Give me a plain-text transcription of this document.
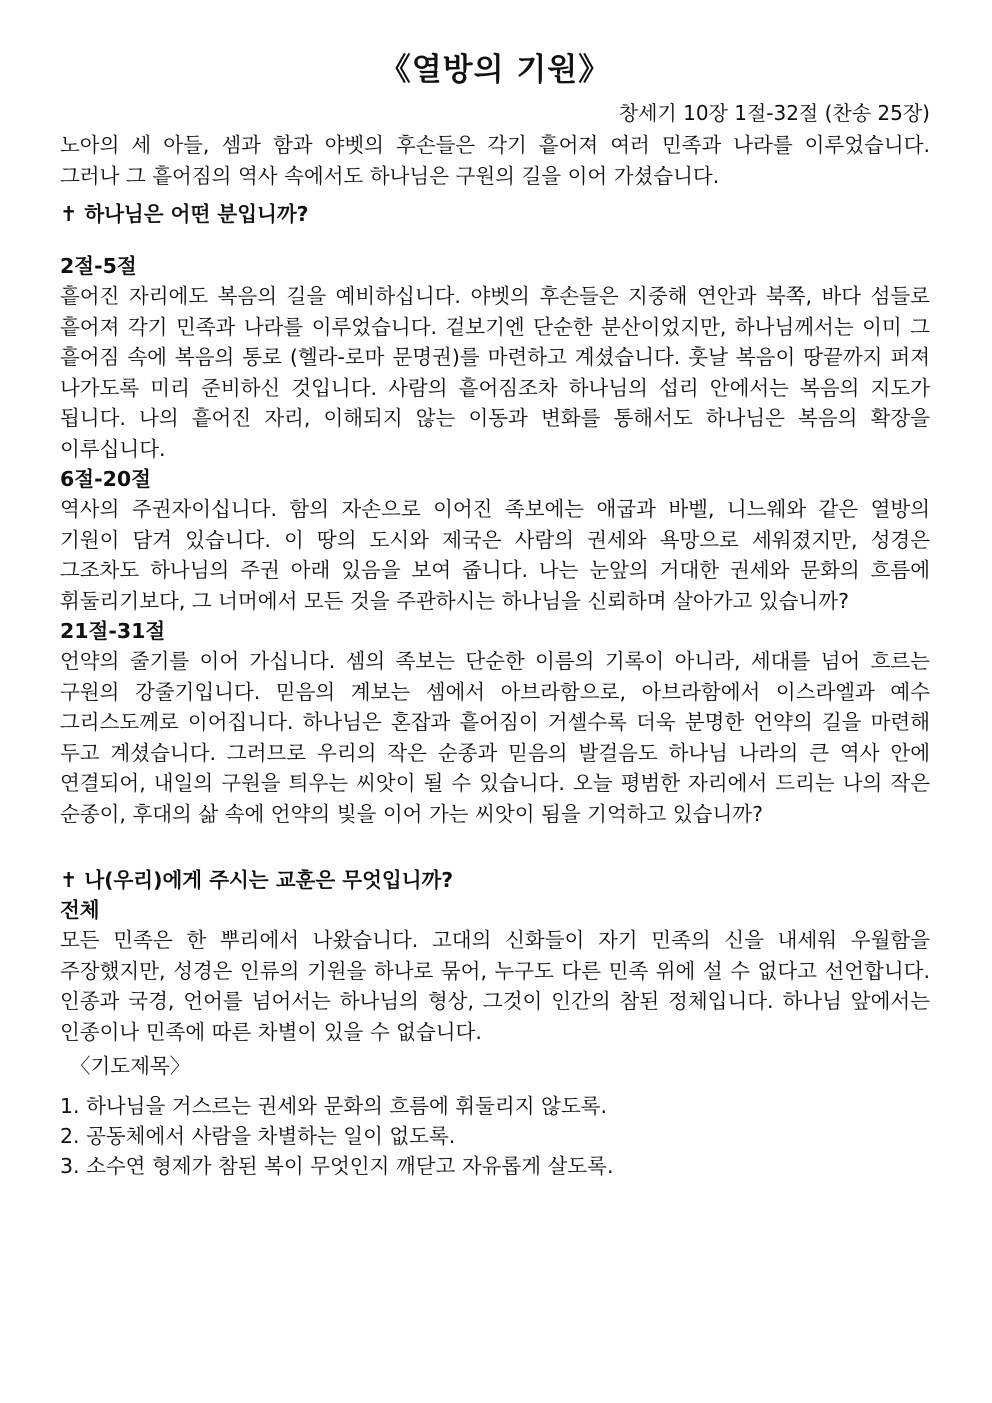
《열방의 기원》
창세기 10장 1절-32절 (찬송 25장)

노아의 세 아들, 셈과 함과 야벳의 후손들은 각기 흩어져 여러 민족과 나라를 이루었습니다. 그러나 그 흩어짐의 역사 속에서도 하나님은 구원의 길을 이어 가셨습니다.

✝ 하나님은 어떤 분입니까?
2절-5절

흩어진 자리에도 복음의 길을 예비하십니다. 야벳의 후손들은 지중해 연안과 북쪽, 바다 섬들로 흩어져 각기 민족과 나라를 이루었습니다. 겉보기엔 단순한 분산이었지만, 하나님께서는 이미 그 흩어짐 속에 복음의 통로 (헬라-로마 문명권)를 마련하고 계셨습니다. 훗날 복음이 땅끝까지 퍼져 나가도록 미리 준비하신 것입니다. 사람의 흩어짐조차 하나님의 섭리 안에서는 복음의 지도가 됩니다. 나의 흩어진 자리, 이해되지 않는 이동과 변화를 통해서도 하나님은 복음의 확장을 이루십니다.

6절-20절

역사의 주권자이십니다. 함의 자손으로 이어진 족보에는 애굽과 바벨, 니느웨와 같은 열방의 기원이 담겨 있습니다. 이 땅의 도시와 제국은 사람의 권세와 욕망으로 세워졌지만, 성경은 그조차도 하나님의 주권 아래 있음을 보여 줍니다. 나는 눈앞의 거대한 권세와 문화의 흐름에 휘둘리기보다, 그 너머에서 모든 것을 주관하시는 하나님을 신뢰하며 살아가고 있습니까?

21절-31절

언약의 줄기를 이어 가십니다. 셈의 족보는 단순한 이름의 기록이 아니라, 세대를 넘어 흐르는 구원의 강줄기입니다. 믿음의 계보는 셈에서 아브라함으로, 아브라함에서 이스라엘과 예수 그리스도께로 이어집니다. 하나님은 혼잡과 흩어짐이 거셀수록 더욱 분명한 언약의 길을 마련해 두고 계셨습니다. 그러므로 우리의 작은 순종과 믿음의 발걸음도 하나님 나라의 큰 역사 안에 연결되어, 내일의 구원을 틔우는 씨앗이 될 수 있습니다. 오늘 평범한 자리에서 드리는 나의 작은 순종이, 후대의 삶 속에 언약의 빛을 이어 가는 씨앗이 됨을 기억하고 있습니까?

✝ 나(우리)에게 주시는 교훈은 무엇입니까?
전체

모든 민족은 한 뿌리에서 나왔습니다. 고대의 신화들이 자기 민족의 신을 내세워 우월함을 주장했지만, 성경은 인류의 기원을 하나로 묶어, 누구도 다른 민족 위에 설 수 없다고 선언합니다. 인종과 국경, 언어를 넘어서는 하나님의 형상, 그것이 인간의 참된 정체입니다. 하나님 앞에서는 인종이나 민족에 따른 차별이 있을 수 없습니다.

〈기도제목〉
1. 하나님을 거스르는 권세와 문화의 흐름에 휘둘리지 않도록.
2. 공동체에서 사람을 차별하는 일이 없도록.
3. 소수연 형제가 참된 복이 무엇인지 깨닫고 자유롭게 살도록.
